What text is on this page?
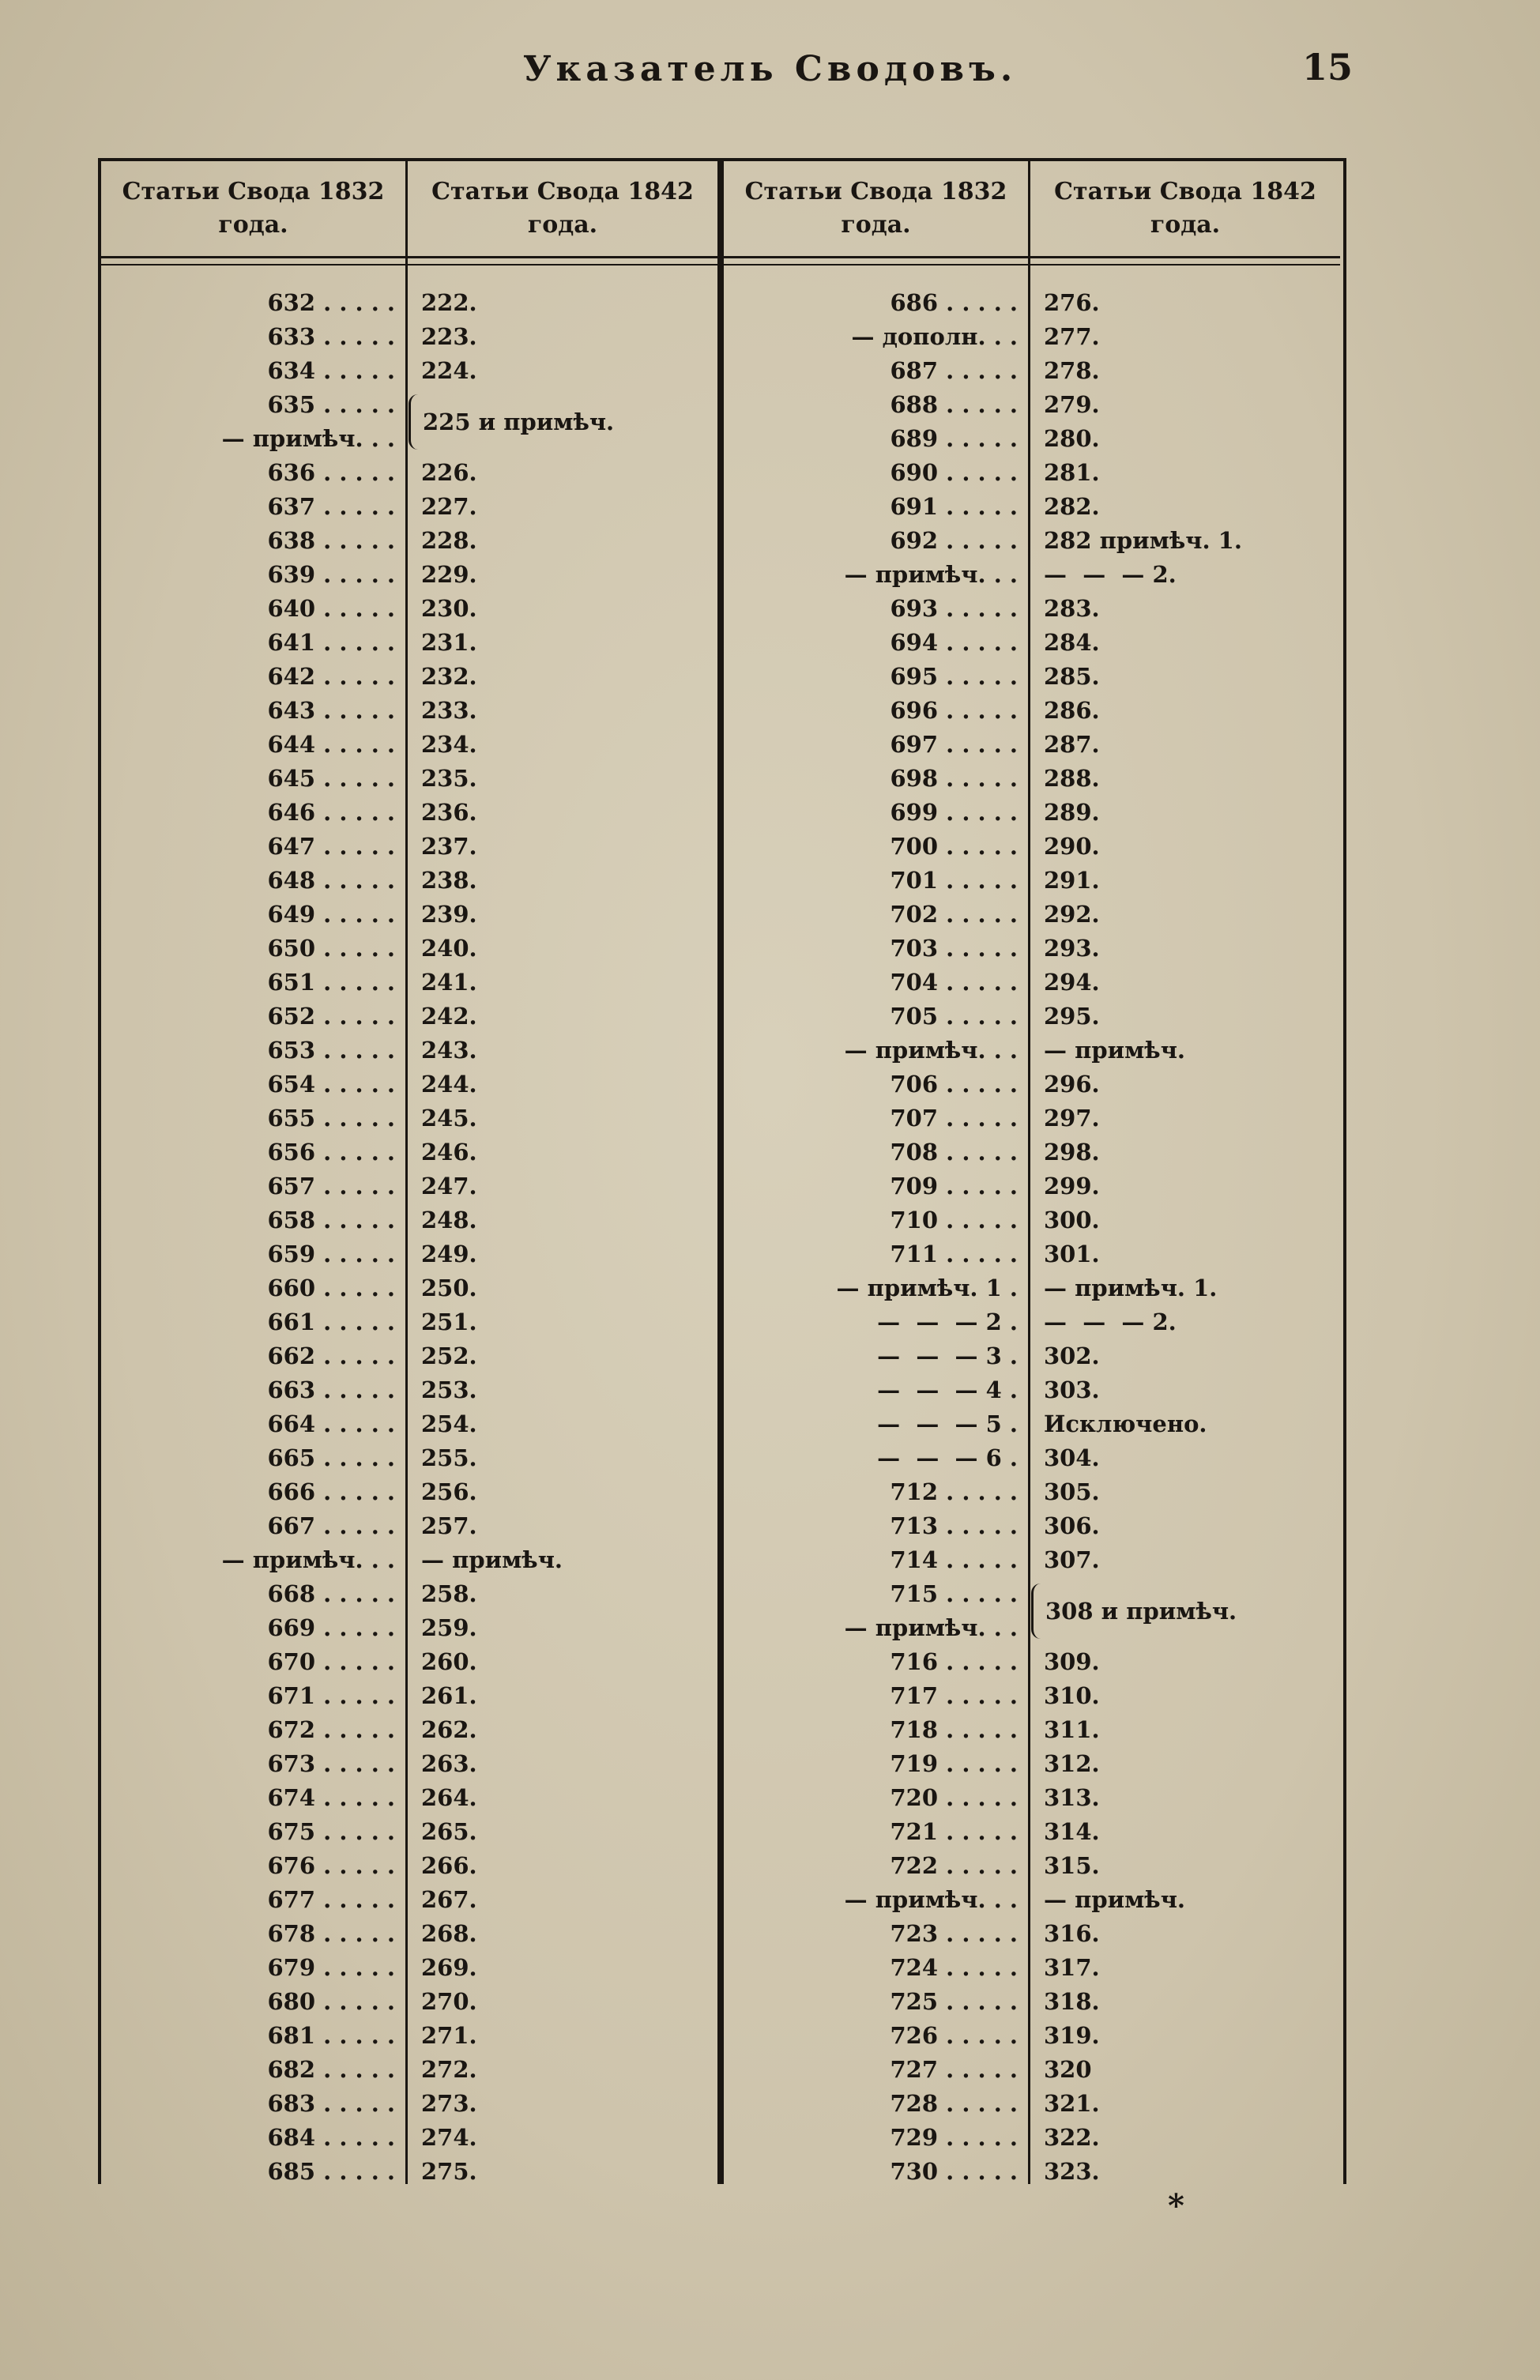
Указатель Сводовъ.	15
Статьи Свода 1832 года.
Статьи Свода 1842 года.
632 . . . . . 222.
633 . . . . . 223.
634 . . . . . 224.
635 . . . . .
— примѣч. . .
636 . . . . . 226.
637 . . . . . 227.
638 . . . . . 228.
639 . . . . . 229.
640 . . . . . 230.
641 . . . . . 231.
642 . . . . . 232.
643 . . . . . 233.
644 . . . . . 234.
645 . . . . . 235.
646 . . . . . 236.
647 . . . . . 237.
648 . . . . . 238.
649 . . . . . 239.
650 . . . . . 240.
651 . . . . . 241.
652 . . . . . 242.
653 . . . . . 243.
654 . . . . . 244.
655 . . . . . 245.
656 . . . . . 246.
657 . . . . . 247.
658 . . . . . 248.
659 . . . . . 249.
660 . . . . . 250.
661 . . . . . 251.
662 . . . . . 252.
663 . . . . . 253.
664 . . . . . 254.
665 . . . . . 255.
666 . . . . . 256.
667 . . . . . 257.
— примѣч. . . — примѣч.
668 . . . . . 258.
669 . . . . . 259.
670 . . . . . 260.
671 . . . . . 261.
672 . . . . . 262.
673 . . . . . 263.
674 . . . . . 264.
675 . . . . . 265.
676 . . . . . 266.
677 . . . . . 267.
678 . . . . . 268.
679 . . . . . 269.
680 . . . . . 270.
681 . . . . . 271.
682 . . . . . 272.
683 . . . . . 273.
684 . . . . . 274.
685 . . . . . 275.
225 и примѣч.
Статьи Свода 1832 года.
Статьи Свода 1842 года.
686 . . . . . 276.
— дополн. . . 277.
687 . . . . . 278.
688 . . . . . 279.
689 . . . . . 280.
690 . . . . . 281.
691 . . . . . 282.
692 . . . . . 282 примѣч. 1.
— примѣч. . . —  —  — 2.
693 . . . . . 283.
694 . . . . . 284.
695 . . . . . 285.
696 . . . . . 286.
697 . . . . . 287.
698 . . . . . 288.
699 . . . . . 289.
700 . . . . . 290.
701 . . . . . 291.
702 . . . . . 292.
703 . . . . . 293.
704 . . . . . 294.
705 . . . . . 295.
— примѣч. . . — примѣч.
706 . . . . . 296.
707 . . . . . 297.
708 . . . . . 298.
709 . . . . . 299.
710 . . . . . 300.
711 . . . . . 301.
— примѣч. 1 . — примѣч. 1.
—  —  — 2 . —  —  — 2.
—  —  — 3 . 302.
—  —  — 4 . 303.
—  —  — 5 . Исключено.
—  —  — 6 . 304.
712 . . . . . 305.
713 . . . . . 306.
714 . . . . . 307.
715 . . . . .
— примѣч. . .
716 . . . . . 309.
717 . . . . . 310.
718 . . . . . 311.
719 . . . . . 312.
720 . . . . . 313.
721 . . . . . 314.
722 . . . . . 315.
— примѣч. . . — примѣч.
723 . . . . . 316.
724 . . . . . 317.
725 . . . . . 318.
726 . . . . . 319.
727 . . . . . 320
728 . . . . . 321.
729 . . . . . 322.
730 . . . . . 323.
308 и примѣч.
*
